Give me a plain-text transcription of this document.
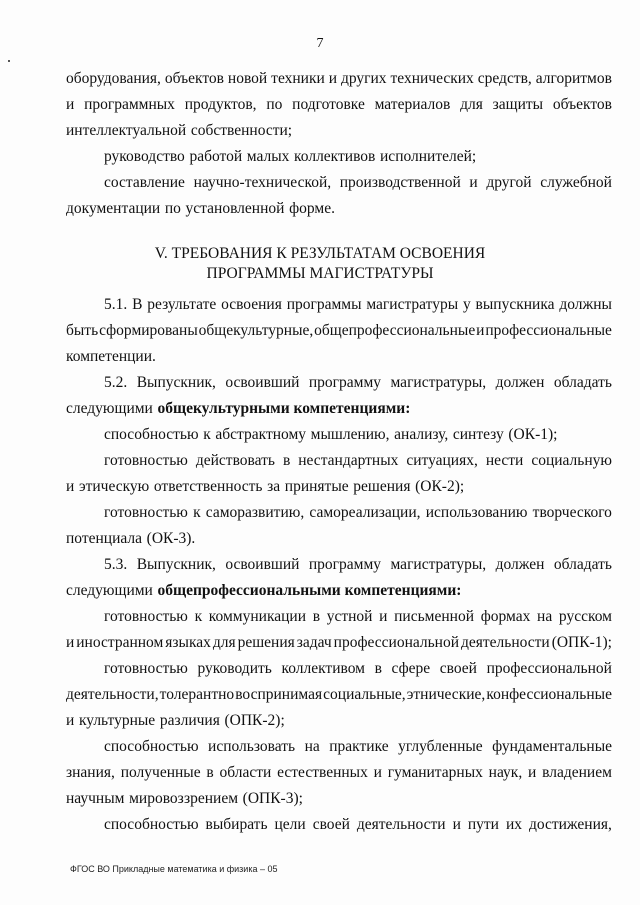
7
оборудования, объектов новой техники и других технических средств, алгоритмов
и программных продуктов, по подготовке материалов для защиты объектов
интеллектуальной собственности;
руководство работой малых коллективов исполнителей;
составление научно-технической, производственной и другой служебной
документации по установленной форме.
V. ТРЕБОВАНИЯ К РЕЗУЛЬТАТАМ ОСВОЕНИЯ
ПРОГРАММЫ МАГИСТРАТУРЫ
5.1. В результате освоения программы магистратуры у выпускника должны
быть сформированы общекультурные, общепрофессиональные и профессиональные
компетенции.
5.2. Выпускник, освоивший программу магистратуры, должен обладать
следующими общекультурными компетенциями:
способностью к абстрактному мышлению, анализу, синтезу (ОК-1);
готовностью действовать в нестандартных ситуациях, нести социальную
и этическую ответственность за принятые решения (ОК-2);
готовностью к саморазвитию, самореализации, использованию творческого
потенциала (ОК-3).
5.3. Выпускник, освоивший программу магистратуры, должен обладать
следующими общепрофессиональными компетенциями:
готовностью к коммуникации в устной и письменной формах на русском
и иностранном языках для решения задач профессиональной деятельности (ОПК-1);
готовностью руководить коллективом в сфере своей профессиональной
деятельности, толерантно воспринимая социальные, этнические, конфессиональные
и культурные различия (ОПК-2);
способностью использовать на практике углубленные фундаментальные
знания, полученные в области естественных и гуманитарных наук, и владением
научным мировоззрением (ОПК-3);
способностью выбирать цели своей деятельности и пути их достижения,
ФГОС ВО Прикладные математика и физика – 05
